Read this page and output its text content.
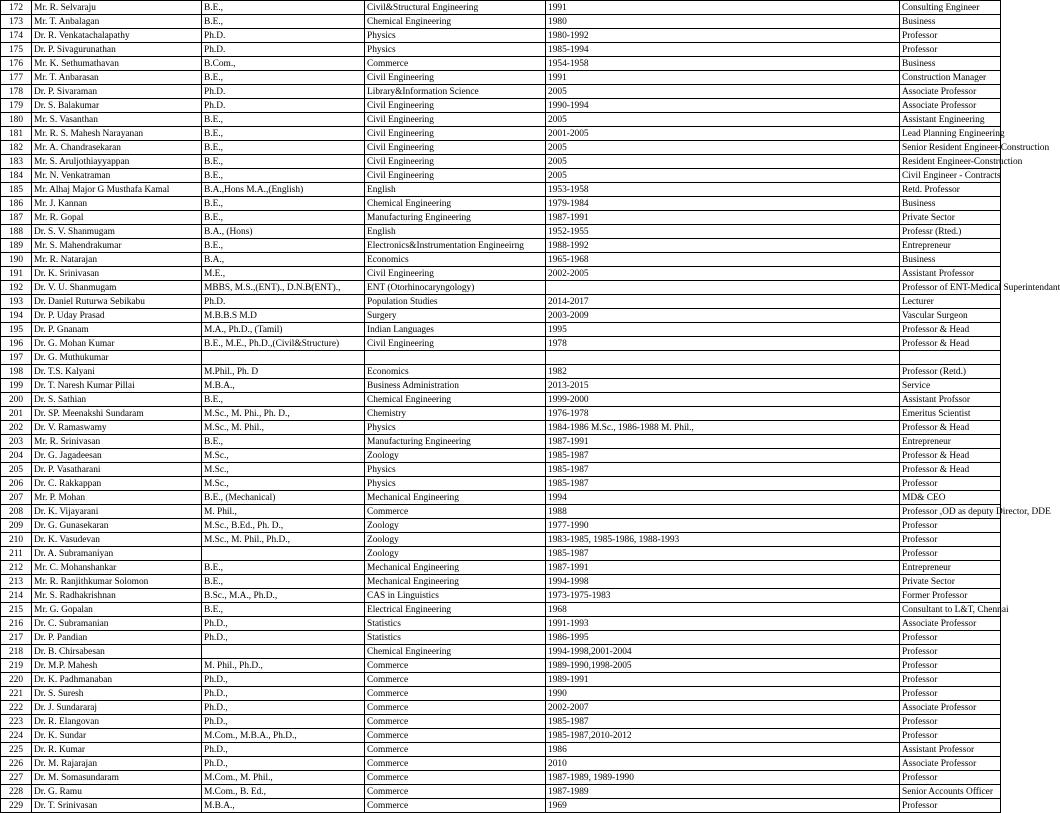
172	Mr. R. Selvaraju	B.E.,	Civil&Structural Engineering	1991	Consulting Engineer
173	Mr. T. Anbalagan	B.E.,	Chemical Engineering	1980	Business
174	Dr. R. Venkatachalapathy	Ph.D.	Physics	1980-1992	Professor
175	Dr. P. Sivagurunathan	Ph.D.	Physics	1985-1994	Professor
176	Mr. K. Sethumathavan	B.Com.,	Commerce	1954-1958	Business
177	Mr. T. Anbarasan	B.E.,	Civil Engineering	1991	Construction Manager
178	Dr. P. Sivaraman	Ph.D.	Library&Information Science	2005	Associate Professor
179	Dr. S. Balakumar	Ph.D.	Civil Engineering	1990-1994	Associate Professor
180	Mr. S. Vasanthan	B.E.,	Civil Engineering	2005	Assistant Engineering
181	Mr. R. S. Mahesh Narayanan	B.E.,	Civil Engineering	2001-2005	Lead Planning Engineering
182	Mr. A. Chandrasekaran	B.E.,	Civil Engineering	2005	Senior Resident Engineer-Construction
183	Mr. S. Aruljothiayyappan	B.E.,	Civil Engineering	2005	Resident Engineer-Construction
184	Mr. N. Venkatraman	B.E.,	Civil Engineering	2005	Civil Engineer - Contracts
185	Mr. Alhaj Major G Musthafa Kamal	B.A.,Hons M.A.,(English)	English	1953-1958	Retd. Professor
186	Mr. J. Kannan	B.E.,	Chemical Engineering	1979-1984	Business
187	Mr. R. Gopal	B.E.,	Manufacturing Engineering	1987-1991	Private Sector
188	Dr. S. V. Shanmugam	B.A., (Hons)	English	1952-1955	Professr (Rted.)
189	Mr. S. Mahendrakumar	B.E.,	Electronics&Instrumentation Engineeirng	1988-1992	Entrepreneur
190	Mr. R. Natarajan	B.A.,	Economics	1965-1968	Business
191	Dr. K. Srinivasan	M.E.,	Civil Engineering	2002-2005	Assistant Professor
192	Dr. V. U. Shanmugam	MBBS, M.S.,(ENT)., D.N.B(ENT).,	ENT (Otorhinocaryngology)		Professor of ENT-Medical Superintendant
193	Dr. Daniel Ruturwa Sebikabu	Ph.D.	Population Studies	2014-2017	Lecturer
194	Dr. P. Uday Prasad	M.B.B.S M.D	Surgery	2003-2009	Vascular Surgeon
195	Dr. P. Gnanam	M.A., Ph.D., (Tamil)	Indian Languages	1995	Professor & Head
196	Dr. G. Mohan Kumar	B.E., M.E., Ph.D.,(Civil&Structure)	Civil Engineering	1978	Professor & Head
197	Dr. G. Muthukumar				
198	Dr. T.S. Kalyani	M.Phil., Ph. D	Economics	1982	Professor (Retd.)
199	Dr. T. Naresh Kumar Pillai	M.B.A.,	Business Administration	2013-2015	Service
200	Dr. S. Sathian	B.E.,	Chemical Engineering	1999-2000	Assistant Profssor
201	Dr. SP. Meenakshi Sundaram	M.Sc., M. Phi., Ph. D.,	Chemistry	1976-1978	Emeritus Scientist
202	Dr. V. Ramaswamy	M.Sc., M. Phil.,	Physics	1984-1986 M.Sc., 1986-1988 M. Phil.,	Professor & Head
203	Mr. R. Srinivasan	B.E.,	Manufacturing Engineering	1987-1991	Entrepreneur
204	Dr. G. Jagadeesan	M.Sc.,	Zoology	1985-1987	Professor & Head
205	Dr. P. Vasatharani	M.Sc.,	Physics	1985-1987	Professor & Head
206	Dr. C. Rakkappan	M.Sc.,	Physics	1985-1987	Professor
207	Mr. P. Mohan	B.E., (Mechanical)	Mechanical Engineering	1994	MD& CEO
208	Dr. K. Vijayarani	M. Phil.,	Commerce	1988	Professor ,OD as deputy Director, DDE
209	Dr. G. Gunasekaran	M.Sc., B.Ed., Ph. D.,	Zoology	1977-1990	Professor
210	Dr. K. Vasudevan	M.Sc., M. Phil., Ph.D.,	Zoology	1983-1985, 1985-1986, 1988-1993	Professor
211	Dr. A. Subramaniyan		Zoology	1985-1987	Professor
212	Mr. C. Mohanshankar	B.E.,	Mechanical Engineering	1987-1991	Entrepreneur
213	Mr. R. Ranjithkumar Solomon	B.E.,	Mechanical Engineering	1994-1998	Private Sector
214	Mr. S. Radhakrishnan	B.Sc., M.A., Ph.D.,	CAS in Linguistics	1973-1975-1983	Former Professor
215	Mr. G. Gopalan	B.E.,	Electrical Engineering	1968	Consultant to L&T, Chennai
216	Dr. C. Subramanian	Ph.D.,	Statistics	1991-1993	Associate Professor
217	Dr. P. Pandian	Ph.D.,	Statistics	1986-1995	Professor
218	Dr. B. Chirsabesan		Chemical Engineering	1994-1998,2001-2004	Professor
219	Dr. M.P. Mahesh	M. Phil., Ph.D.,	Commerce	1989-1990,1998-2005	Professor
220	Dr. K. Padhmanaban	Ph.D.,	Commerce	1989-1991	Professor
221	Dr. S. Suresh	Ph.D.,	Commerce	1990	Professor
222	Dr. J. Sundararaj	Ph.D.,	Commerce	2002-2007	Associate Professor
223	Dr. R. Elangovan	Ph.D.,	Commerce	1985-1987	Professor
224	Dr. K. Sundar	M.Com., M.B.A., Ph.D.,	Commerce	1985-1987,2010-2012	Professor
225	Dr. R. Kumar	Ph.D.,	Commerce	1986	Assistant Professor
226	Dr. M. Rajarajan	Ph.D.,	Commerce	2010	Associate Professor
227	Dr. M. Somasundaram	M.Com., M. Phil.,	Commerce	1987-1989, 1989-1990	Professor
228	Dr. G. Ramu	M.Com., B. Ed.,	Commerce	1987-1989	Senior Accounts Officer
229	Dr. T. Srinivasan	M.B.A.,	Commerce	1969	Professor
